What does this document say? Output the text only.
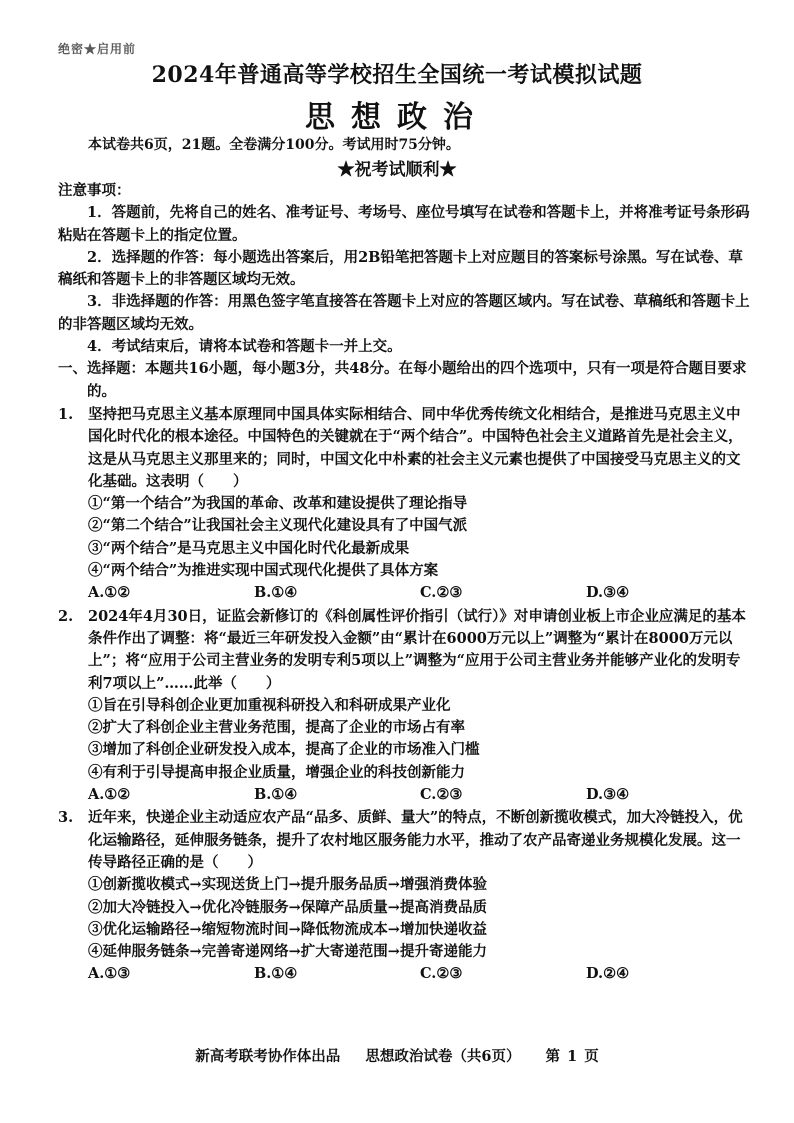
绝密★启用前
2024年普通高等学校招生全国统一考试模拟试题
思想政治
本试卷共6页，21题。全卷满分100分。考试用时75分钟。
★祝考试顺利★

注意事项：

1．答题前，先将自己的姓名、准考证号、考场号、座位号填写在试卷和答题卡上，并将准考证号条形码粘贴在答题卡上的指定位置。

2．选择题的作答：每小题选出答案后，用2B铅笔把答题卡上对应题目的答案标号涂黑。写在试卷、草稿纸和答题卡上的非答题区域均无效。

3．非选择题的作答：用黑色签字笔直接答在答题卡上对应的答题区域内。写在试卷、草稿纸和答题卡上的非答题区域均无效。

4．考试结束后，请将本试卷和答题卡一并上交。

一、选择题：本题共16小题，每小题3分，共48分。在每小题给出的四个选项中，只有一项是符合题目要求的。

1.	坚持把马克思主义基本原理同中国具体实际相结合、同中华优秀传统文化相结合，是推进马克思主义中国化时代化的根本途径。中国特色的关键就在于“两个结合”。中国特色社会主义道路首先是社会主义，这是从马克思主义那里来的；同时，中国文化中朴素的社会主义元素也提供了中国接受马克思主义的文化基础。这表明（　　）

①“第一个结合”为我国的革命、改革和建设提供了理论指导

②“第二个结合”让我国社会主义现代化建设具有了中国气派

③“两个结合”是马克思主义中国化时代化最新成果

④“两个结合”为推进实现中国式现代化提供了具体方案

A.①②	B.①④	C.②③	D.③④
2.	2024年4月30日，证监会新修订的《科创属性评价指引（试行）》对申请创业板上市企业应满足的基本条件作出了调整：将“最近三年研发投入金额”由“累计在6000万元以上”调整为“累计在8000万元以上”；将“应用于公司主营业务的发明专利5项以上”调整为“应用于公司主营业务并能够产业化的发明专利7项以上”……此举（　　）

①旨在引导科创企业更加重视科研投入和科研成果产业化

②扩大了科创企业主营业务范围，提高了企业的市场占有率

③增加了科创企业研发投入成本，提高了企业的市场准入门槛

④有利于引导提高申报企业质量，增强企业的科技创新能力

A.①②	B.①④	C.②③	D.③④
3.	近年来，快递企业主动适应农产品“品多、质鲜、量大”的特点，不断创新揽收模式，加大冷链投入，优化运输路径，延伸服务链条，提升了农村地区服务能力水平，推动了农产品寄递业务规模化发展。这一传导路径正确的是（　　）

①创新揽收模式→实现送货上门→提升服务品质→增强消费体验

②加大冷链投入→优化冷链服务→保障产品质量→提高消费品质

③优化运输路径→缩短物流时间→降低物流成本→增加快递收益

④延伸服务链条→完善寄递网络→扩大寄递范围→提升寄递能力

A.①③	B.①④	C.②③	D.②④
新高考联考协作体出品 思想政治试卷（共6页） 第 1 页
